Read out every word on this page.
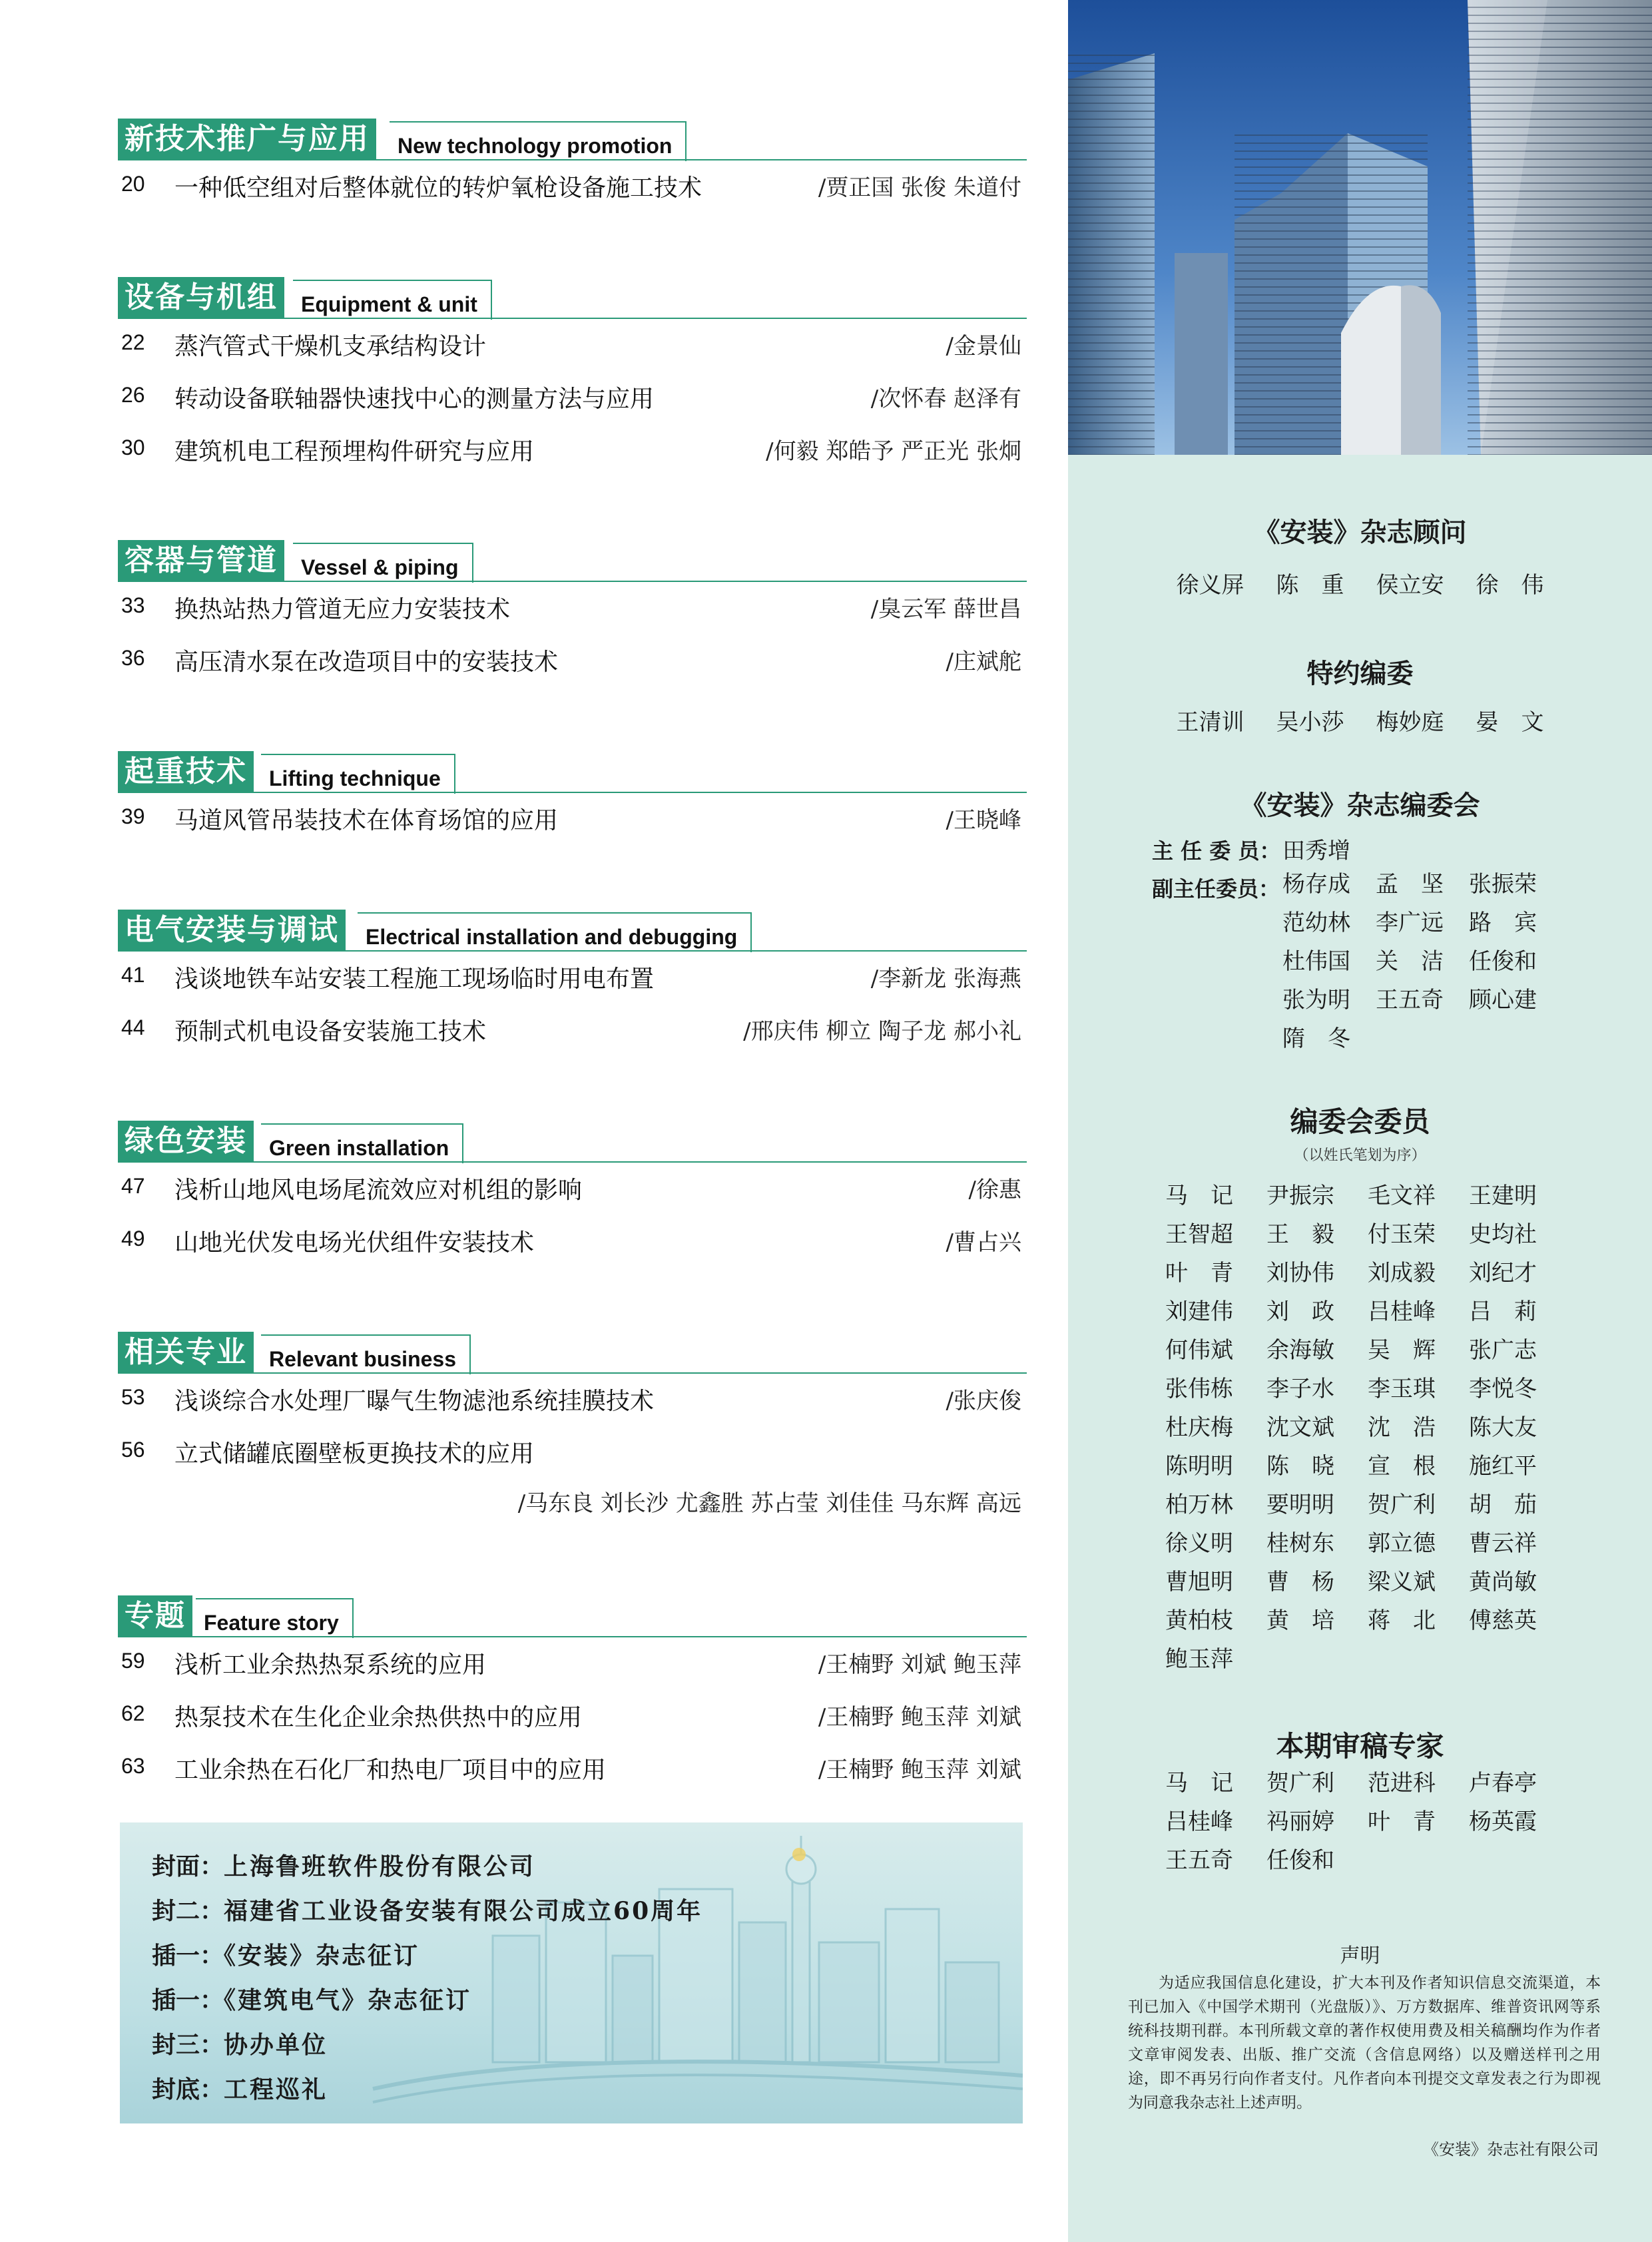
新技术推广与应用	New technology promotion
20 一种低空组对后整体就位的转炉氧枪设备施工技术	/贾正国 张俊 朱道付
设备与机组	Equipment & unit
22 蒸汽管式干燥机支承结构设计	/金景仙
26 转动设备联轴器快速找中心的测量方法与应用	/次怀春 赵泽有
30 建筑机电工程预埋构件研究与应用	/何毅 郑皓予 严正光 张炯
容器与管道	Vessel & piping
33 换热站热力管道无应力安装技术	/臭云军 薛世昌
36 高压清水泵在改造项目中的安装技术	/庄斌舵
起重技术	Lifting technique
39 马道风管吊装技术在体育场馆的应用	/王晓峰
电气安装与调试	Electrical installation and debugging
41 浅谈地铁车站安装工程施工现场临时用电布置	/李新龙 张海燕
44 预制式机电设备安装施工技术	/邢庆伟 柳立 陶子龙 郝小礼
绿色安装	Green installation
47 浅析山地风电场尾流效应对机组的影响	/徐惠
49 山地光伏发电场光伏组件安装技术	/曹占兴
相关专业	Relevant business
53 浅谈综合水处理厂曝气生物滤池系统挂膜技术	/张庆俊
56 立式储罐底圈壁板更换技术的应用
/马东良 刘长沙 尤鑫胜 苏占莹 刘佳佳 马东辉 高远
专题 Feature story
59 浅析工业余热热泵系统的应用	/王楠野 刘斌 鲍玉萍
62 热泵技术在生化企业余热供热中的应用	/王楠野 鲍玉萍 刘斌
63 工业余热在石化厂和热电厂项目中的应用	/王楠野 鲍玉萍 刘斌
封面：上海鲁班软件股份有限公司
封二：福建省工业设备安装有限公司成立60周年
插一：《安装》杂志征订
插一：《建筑电气》杂志征订
封三：协办单位
封底：工程巡礼
《安装》杂志顾问
徐义屏 陈　重 侯立安 徐　伟
特约编委
王清训 吴小莎 梅妙庭 晏　文
《安装》杂志编委会
主 任 委 员：田秀增
副主任委员： 杨存成	孟　坚	张振荣
范幼林	李广远	路　宾
杜伟国	关　洁	任俊和
张为明	王五奇	顾心建
隋　冬
编委会委员
（以姓氏笔划为序）
马　记	尹振宗	毛文祥	王建明
王智超	王　毅	付玉荣	史均社
叶　青	刘协伟	刘成毅	刘纪才
刘建伟	刘　政	吕桂峰	吕　莉
何伟斌	余海敏	吴　辉	张广志
张伟栋	李子水	李玉琪	李悦冬
杜庆梅	沈文斌	沈　浩	陈大友
陈明明	陈　晓	宣　根	施红平
柏万林	要明明	贺广利	胡　茄
徐义明	桂树东	郭立德	曹云祥
曹旭明	曹　杨	梁义斌	黄尚敏
黄柏枝	黄　培	蒋　北	傅慈英
鲍玉萍
本期审稿专家
马　记	贺广利	范进科	卢春亭
吕桂峰	祃丽婷	叶　青	杨英霞
王五奇	任俊和
声明
为适应我国信息化建设，扩大本刊及作者知识信息交流渠道，本刊已加入《中国学术期刊（光盘版）》、万方数据库、维普资讯网等系统科技期刊群。本刊所载文章的著作权使用费及相关稿酬均作为作者文章审阅发表、出版、推广交流（含信息网络）以及赠送样刊之用途，即不再另行向作者支付。凡作者向本刊提交文章发表之行为即视为同意我杂志社上述声明。
《安装》杂志社有限公司
